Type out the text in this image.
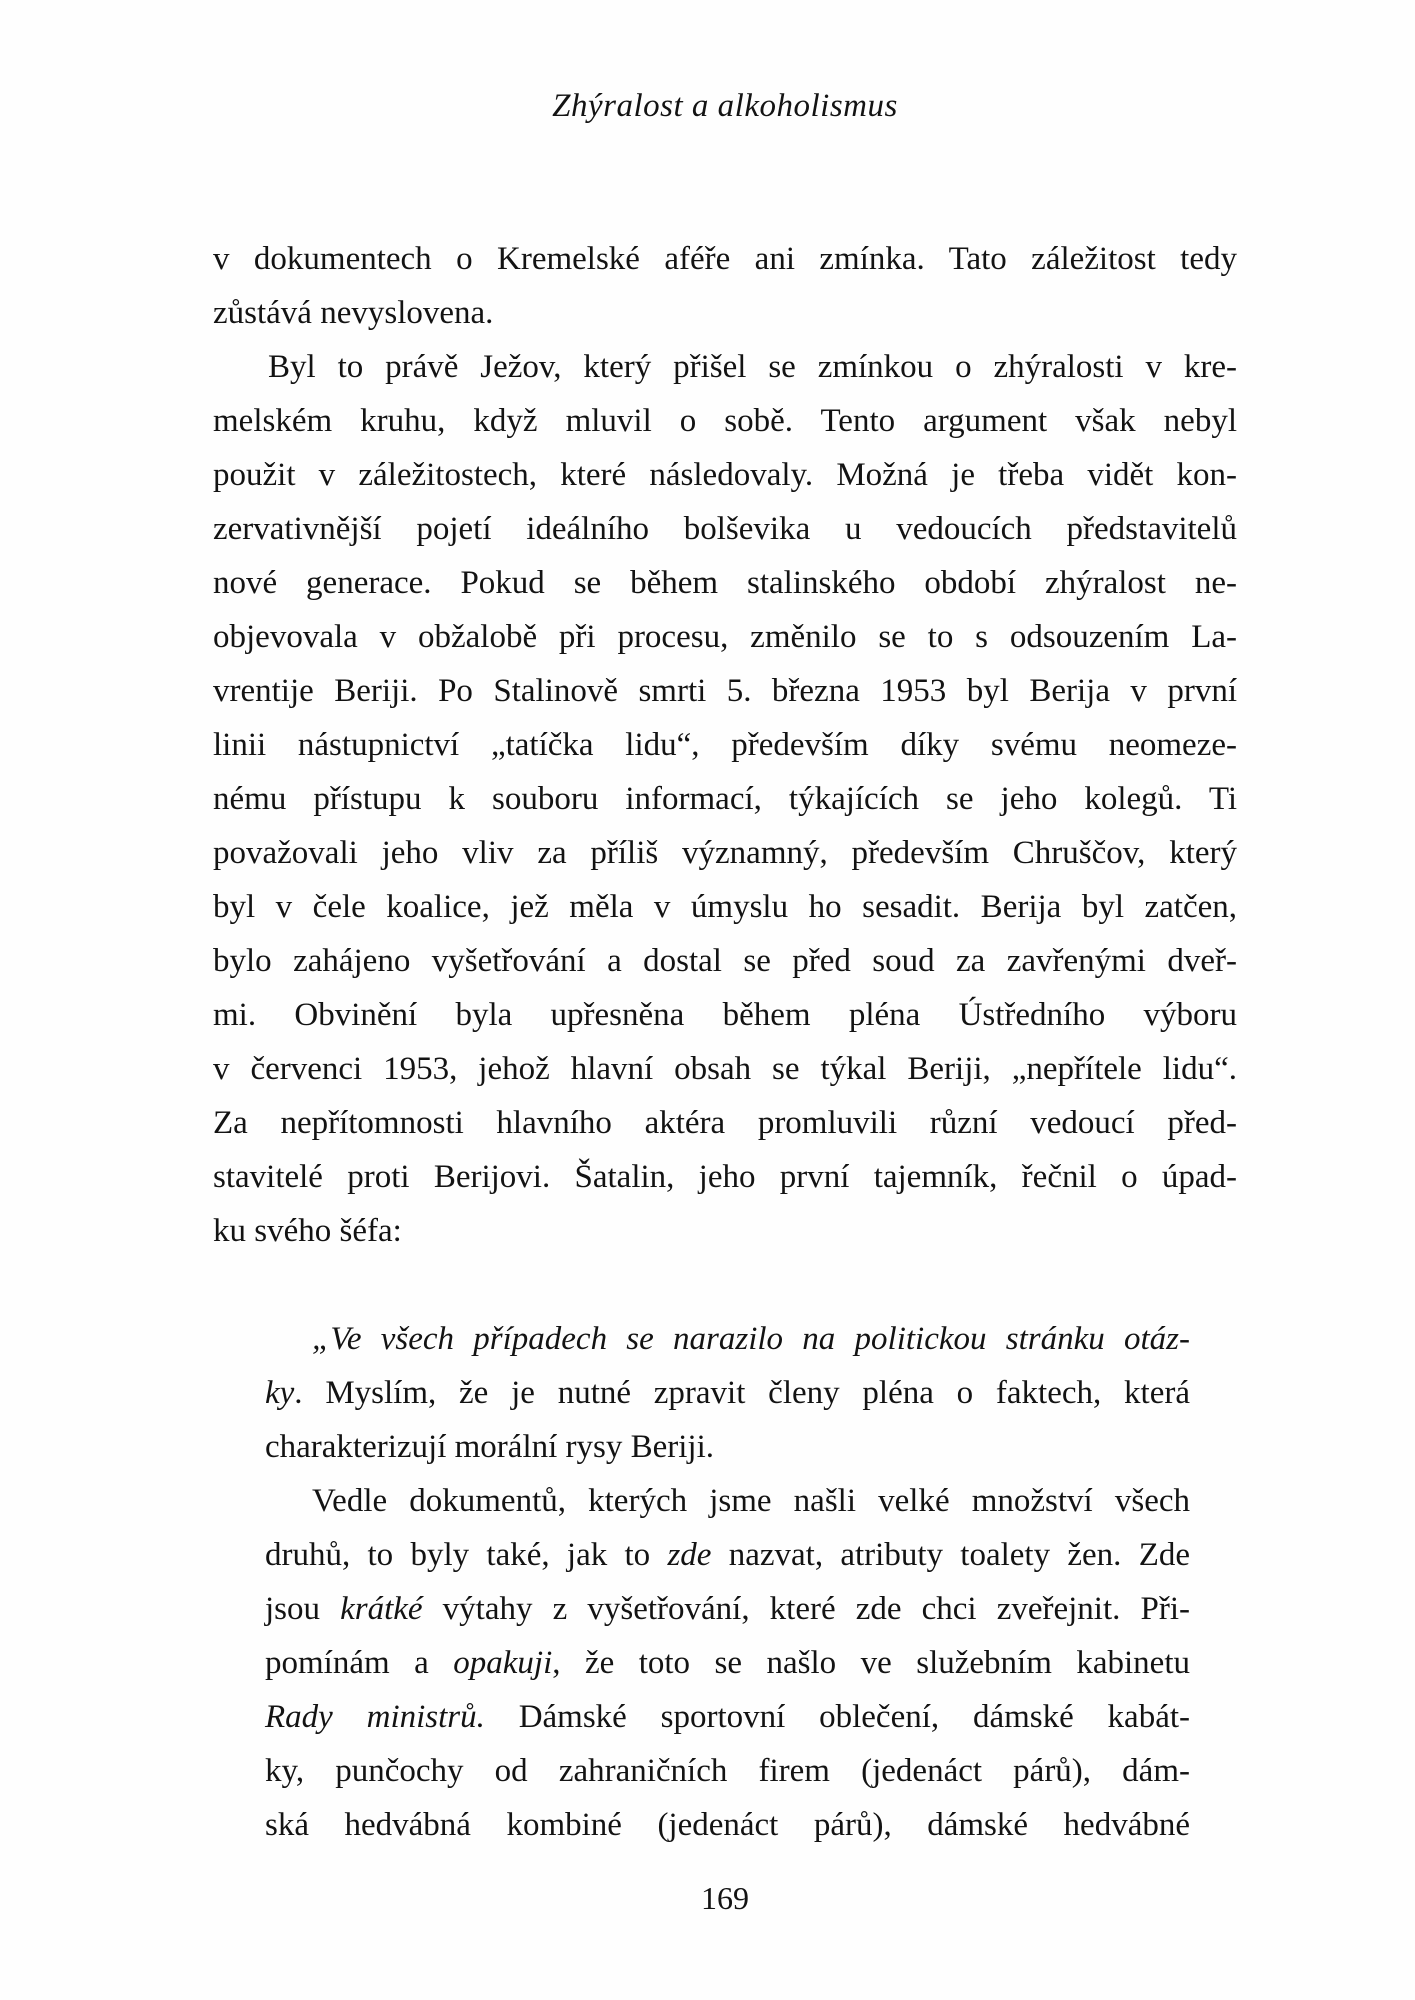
Zhýralost a alkoholismus
v dokumentech o Kremelské aféře ani zmínka. Tato záležitost tedy
zůstává nevyslovena.
Byl to právě Ježov, který přišel se zmínkou o zhýralosti v kre-
melském kruhu, když mluvil o sobě. Tento argument však nebyl
použit v záležitostech, které následovaly. Možná je třeba vidět kon-
zervativnější pojetí ideálního bolševika u vedoucích představitelů
nové generace. Pokud se během stalinského období zhýralost ne-
objevovala v obžalobě při procesu, změnilo se to s odsouzením La-
vrentije Beriji. Po Stalinově smrti 5. března 1953 byl Berija v první
linii nástupnictví „tatíčka lidu“, především díky svému neomeze-
nému přístupu k souboru informací, týkajících se jeho kolegů. Ti
považovali jeho vliv za příliš významný, především Chruščov, který
byl v čele koalice, jež měla v úmyslu ho sesadit. Berija byl zatčen,
bylo zahájeno vyšetřování a dostal se před soud za zavřenými dveř-
mi. Obvinění byla upřesněna během pléna Ústředního výboru
v červenci 1953, jehož hlavní obsah se týkal Beriji, „nepřítele lidu“.
Za nepřítomnosti hlavního aktéra promluvili různí vedoucí před-
stavitelé proti Berijovi. Šatalin, jeho první tajemník, řečnil o úpad-
ku svého šéfa:
„Ve všech případech se narazilo na politickou stránku otáz-
ky. Myslím, že je nutné zpravit členy pléna o faktech, která
charakterizují morální rysy Beriji.
Vedle dokumentů, kterých jsme našli velké množství všech
druhů, to byly také, jak to zde nazvat, atributy toalety žen. Zde
jsou krátké výtahy z vyšetřování, které zde chci zveřejnit. Při-
pomínám a opakuji, že toto se našlo ve služebním kabinetu
Rady ministrů. Dámské sportovní oblečení, dámské kabát-
ky, punčochy od zahraničních firem (jedenáct párů), dám-
ská hedvábná kombiné (jedenáct párů), dámské hedvábné
169
